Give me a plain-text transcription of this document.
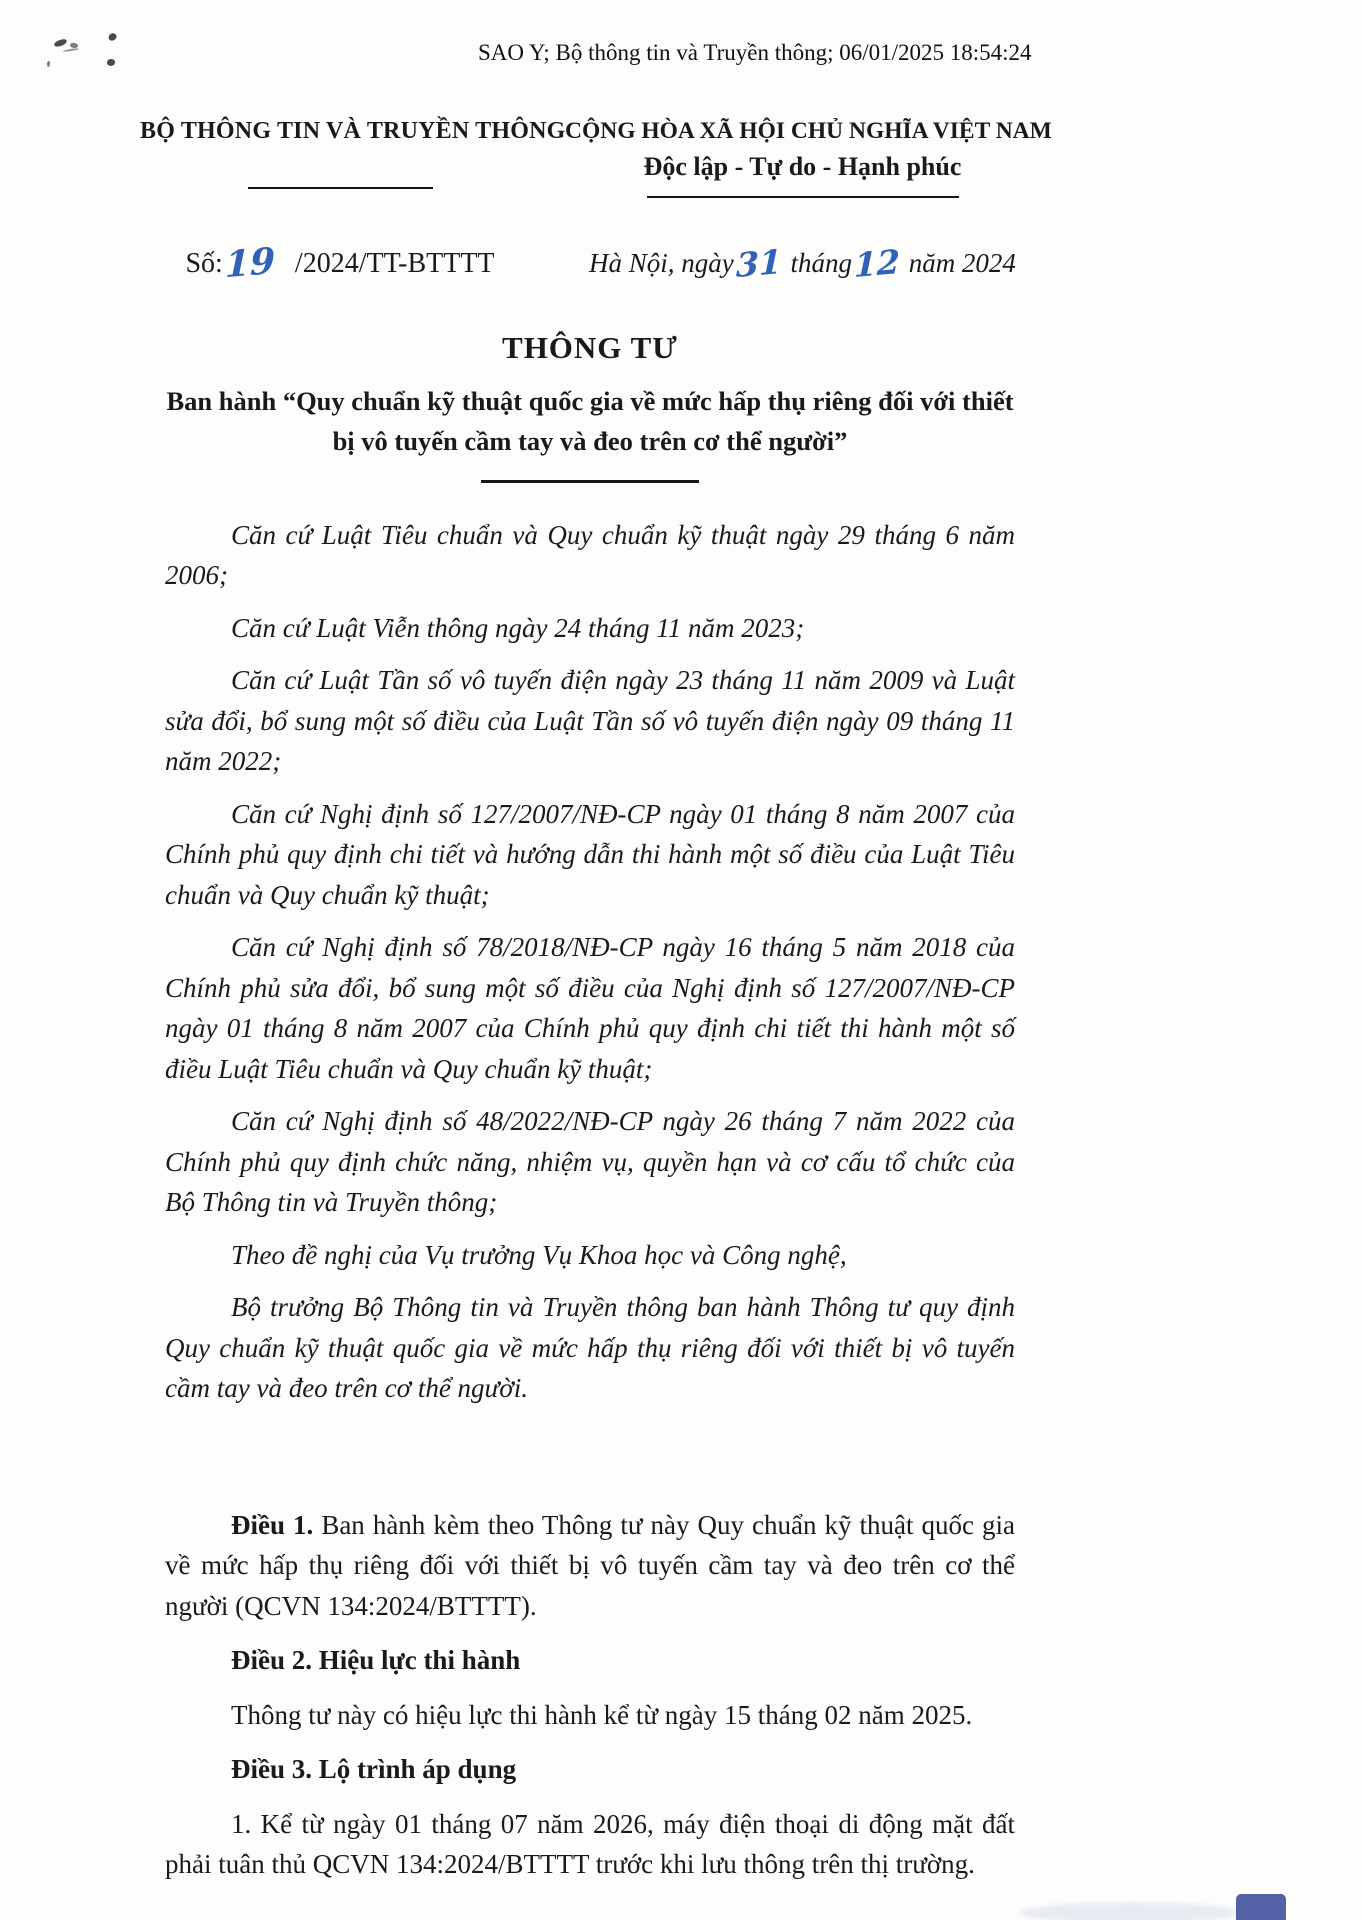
SAO Y; Bộ thông tin và Truyền thông; 06/01/2025 18:54:24
BỘ THÔNG TIN VÀ TRUYỀN THÔNG CỘNG HÒA XÃ HỘI CHỦ NGHĨA VIỆT NAM
Độc lập - Tự do - Hạnh phúc
Số:19 /2024/TT-BTTTT	Hà Nội, ngày31 tháng12 năm 2024
THÔNG TƯ
Ban hành “Quy chuẩn kỹ thuật quốc gia về mức hấp thụ riêng đối với thiết bị vô tuyến cầm tay và đeo trên cơ thể người”

Căn cứ Luật Tiêu chuẩn và Quy chuẩn kỹ thuật ngày 29 tháng 6 năm 2006;

Căn cứ Luật Viễn thông ngày 24 tháng 11 năm 2023;

Căn cứ Luật Tần số vô tuyến điện ngày 23 tháng 11 năm 2009 và Luật sửa đổi, bổ sung một số điều của Luật Tần số vô tuyến điện ngày 09 tháng 11 năm 2022;

Căn cứ Nghị định số 127/2007/NĐ-CP ngày 01 tháng 8 năm 2007 của Chính phủ quy định chi tiết và hướng dẫn thi hành một số điều của Luật Tiêu chuẩn và Quy chuẩn kỹ thuật;

Căn cứ Nghị định số 78/2018/NĐ-CP ngày 16 tháng 5 năm 2018 của Chính phủ sửa đổi, bổ sung một số điều của Nghị định số 127/2007/NĐ-CP ngày 01 tháng 8 năm 2007 của Chính phủ quy định chi tiết thi hành một số điều Luật Tiêu chuẩn và Quy chuẩn kỹ thuật;

Căn cứ Nghị định số 48/2022/NĐ-CP ngày 26 tháng 7 năm 2022 của Chính phủ quy định chức năng, nhiệm vụ, quyền hạn và cơ cấu tổ chức của Bộ Thông tin và Truyền thông;

Theo đề nghị của Vụ trưởng Vụ Khoa học và Công nghệ,

Bộ trưởng Bộ Thông tin và Truyền thông ban hành Thông tư quy định Quy chuẩn kỹ thuật quốc gia về mức hấp thụ riêng đối với thiết bị vô tuyến cầm tay và đeo trên cơ thể người.

Điều 1. Ban hành kèm theo Thông tư này Quy chuẩn kỹ thuật quốc gia về mức hấp thụ riêng đối với thiết bị vô tuyến cầm tay và đeo trên cơ thể người (QCVN 134:2024/BTTTT).

Điều 2. Hiệu lực thi hành

Thông tư này có hiệu lực thi hành kể từ ngày 15 tháng 02 năm 2025.

Điều 3. Lộ trình áp dụng

1. Kể từ ngày 01 tháng 07 năm 2026, máy điện thoại di động mặt đất phải tuân thủ QCVN 134:2024/BTTTT trước khi lưu thông trên thị trường.
